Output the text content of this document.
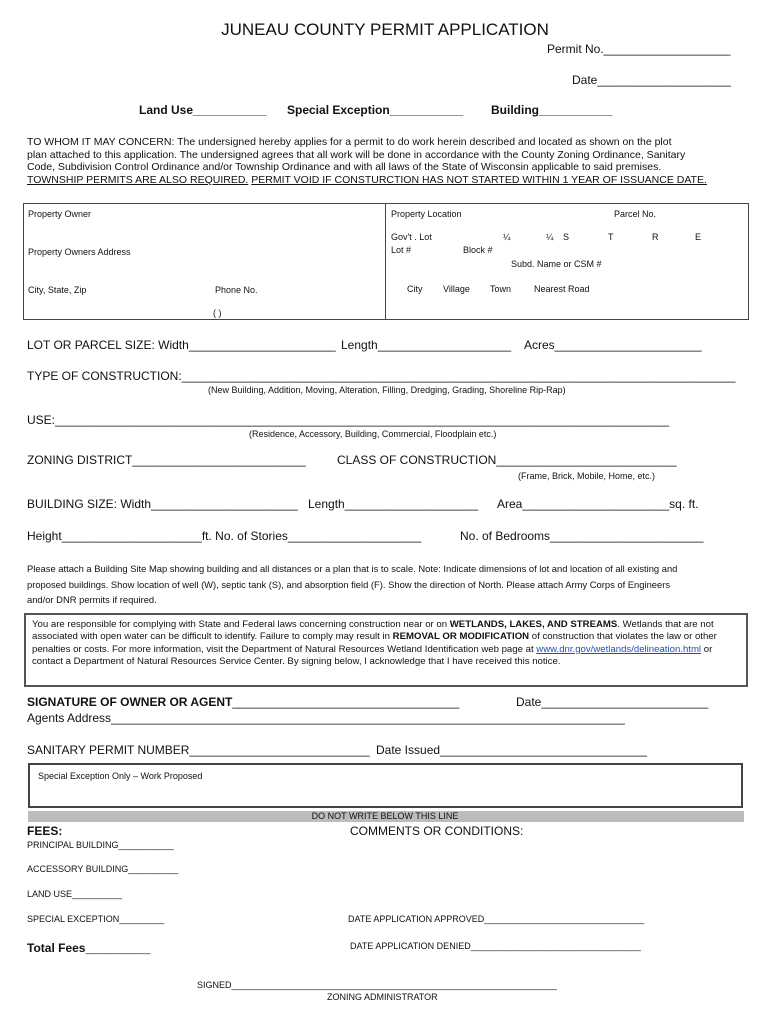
JUNEAU COUNTY PERMIT APPLICATION
Permit No.___________________
Date____________________
Land Use___________ Special Exception___________ Building___________
TO WHOM IT MAY CONCERN: The undersigned hereby applies for a permit to do work herein described and located as shown on the plot
plan attached to this application. The undersigned agrees that all work will be done in accordance with the County Zoning Ordinance, Sanitary
Code, Subdivision Control Ordinance and/or Township Ordinance and with all laws of the State of Wisconsin applicable to said premises.
TOWNSHIP PERMITS ARE ALSO REQUIRED. PERMIT VOID IF CONSTURCTION HAS NOT STARTED WITHIN 1 YEAR OF ISSUANCE DATE.
Property Owner
Property Owners Address
City, State, Zip	Phone No.
( )
Property Location	Parcel No.
Gov't . Lot	¼	¼ S	T	R	E
Lot #	Block #
Subd. Name or CSM #
City Village Town	Nearest Road
LOT OR PARCEL SIZE: Width______________________ Length____________________ Acres______________________
TYPE OF CONSTRUCTION:___________________________________________________________________________________
(New Building, Addition, Moving, Alteration, Filling, Dredging, Grading, Shoreline Rip-Rap)
USE:____________________________________________________________________________________________
(Residence, Accessory, Building, Commercial, Floodplain etc.)
ZONING DISTRICT__________________________	CLASS OF CONSTRUCTION___________________________
(Frame, Brick, Mobile, Home, etc.)
BUILDING SIZE: Width______________________ Length____________________ Area______________________sq. ft.
Height_____________________ft. No. of Stories____________________	No. of Bedrooms_______________________
Please attach a Building Site Map showing building and all distances or a plan that is to scale. Note: Indicate dimensions of lot and location of all existing and
proposed buildings. Show location of well (W), septic tank (S), and absorption field (F). Show the direction of North. Please attach Army Corps of Engineers
and/or DNR permits if required.
You are responsible for complying with State and Federal laws concerning construction near or on WETLANDS, LAKES, AND STREAMS. Wetlands that are not associated with open water can be difficult to identify. Failure to comply may result in REMOVAL OR MODIFICATION of construction that violates the law or other penalties or costs. For more information, visit the Department of Natural Resources Wetland Identification web page at www.dnr.gov/wetlands/delineation.html or contact a Department of Natural Resources Service Center. By signing below, I acknowledge that I have received this notice.
SIGNATURE OF OWNER OR AGENT__________________________________	Date_________________________
Agents Address_____________________________________________________________________________
SANITARY PERMIT NUMBER___________________________ Date Issued_______________________________
Special Exception Only – Work Proposed
DO NOT WRITE BELOW THIS LINE
FEES:	COMMENTS OR CONDITIONS:
PRINCIPAL BUILDING___________
ACCESSORY BUILDING__________
LAND USE__________
SPECIAL EXCEPTION_________
Total Fees_____________
DATE APPLICATION APPROVED________________________________
DATE APPLICATION DENIED__________________________________
SIGNED_________________________________________________________________
ZONING ADMINISTRATOR
